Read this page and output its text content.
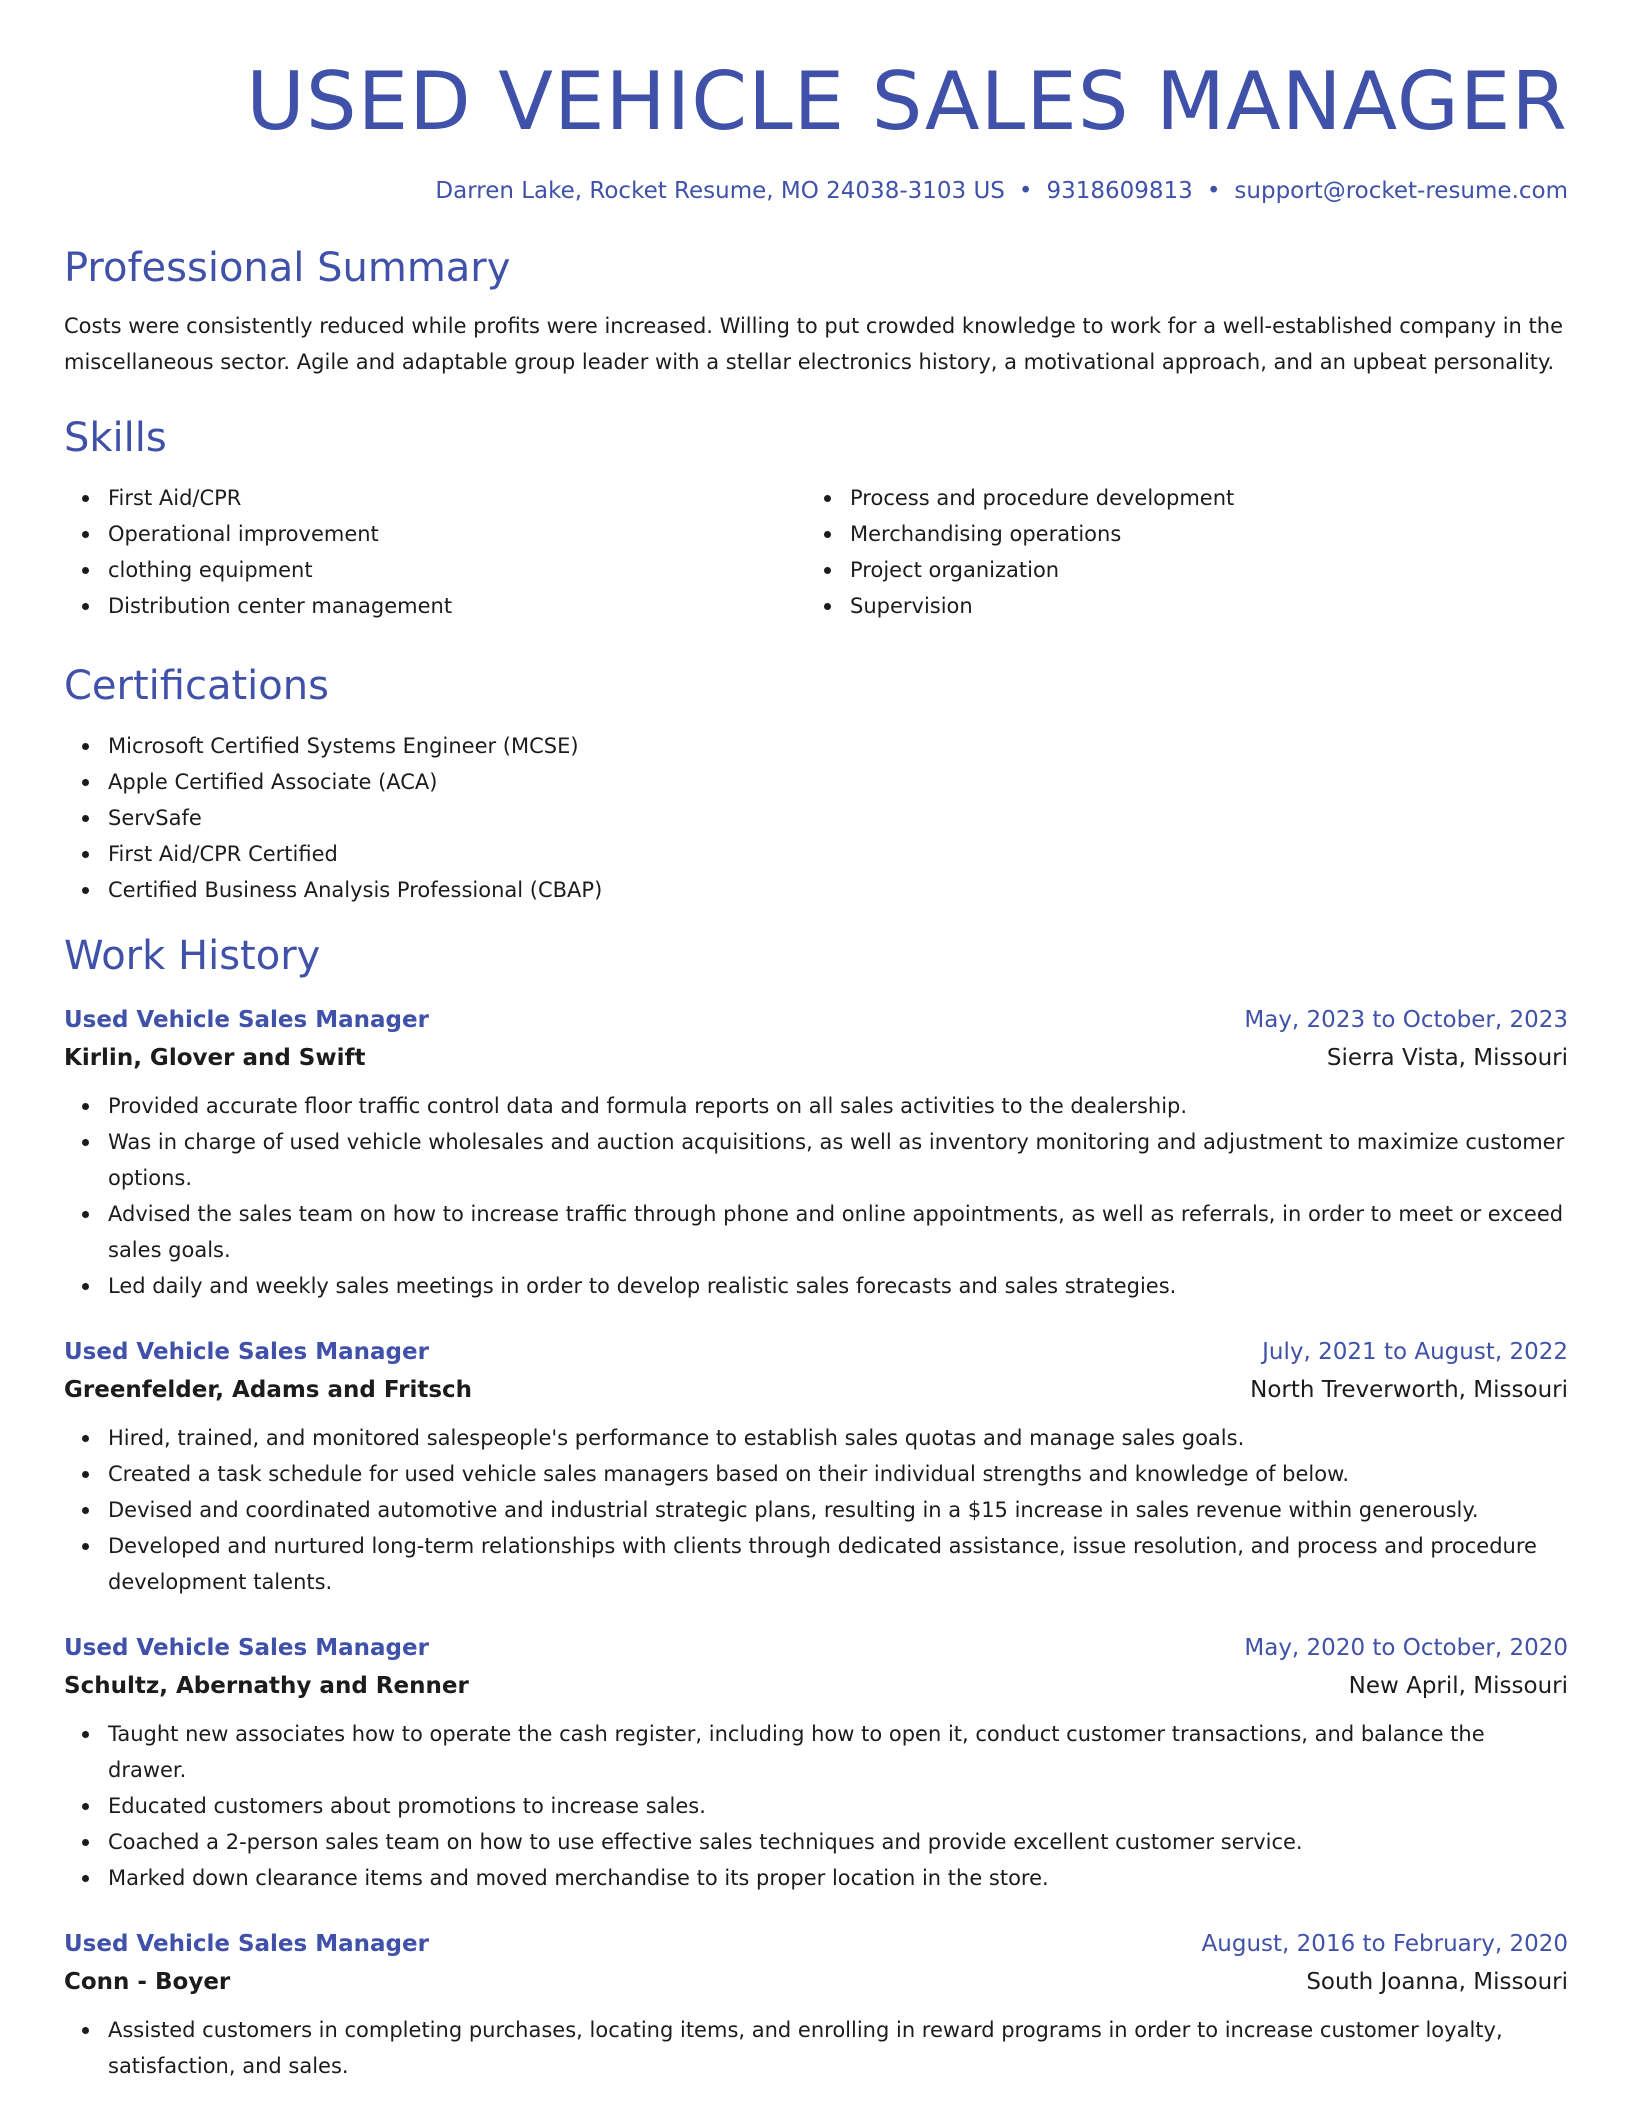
USED VEHICLE SALES MANAGER
Darren Lake, Rocket Resume, MO 24038-3103 US • 9318609813 • support@rocket-resume.com
Professional Summary
Costs were consistently reduced while profits were increased. Willing to put crowded knowledge to work for a well-established company in the miscellaneous sector. Agile and adaptable group leader with a stellar electronics history, a motivational approach, and an upbeat personality.
Skills
First Aid/CPR
Operational improvement
clothing equipment
Distribution center management
Process and procedure development
Merchandising operations
Project organization
Supervision
Certifications
Microsoft Certified Systems Engineer (MCSE)
Apple Certified Associate (ACA)
ServSafe
First Aid/CPR Certified
Certified Business Analysis Professional (CBAP)
Work History
Used Vehicle Sales Manager	May, 2023 to October, 2023
Kirlin, Glover and Swift	Sierra Vista, Missouri
Provided accurate floor traffic control data and formula reports on all sales activities to the dealership.
Was in charge of used vehicle wholesales and auction acquisitions, as well as inventory monitoring and adjustment to maximize customer options.
Advised the sales team on how to increase traffic through phone and online appointments, as well as referrals, in order to meet or exceed sales goals.
Led daily and weekly sales meetings in order to develop realistic sales forecasts and sales strategies.
Used Vehicle Sales Manager	July, 2021 to August, 2022
Greenfelder, Adams and Fritsch	North Treverworth, Missouri
Hired, trained, and monitored salespeople's performance to establish sales quotas and manage sales goals.
Created a task schedule for used vehicle sales managers based on their individual strengths and knowledge of below.
Devised and coordinated automotive and industrial strategic plans, resulting in a $15 increase in sales revenue within generously.
Developed and nurtured long-term relationships with clients through dedicated assistance, issue resolution, and process and procedure development talents.
Used Vehicle Sales Manager	May, 2020 to October, 2020
Schultz, Abernathy and Renner	New April, Missouri
Taught new associates how to operate the cash register, including how to open it, conduct customer transactions, and balance the drawer.
Educated customers about promotions to increase sales.
Coached a 2-person sales team on how to use effective sales techniques and provide excellent customer service.
Marked down clearance items and moved merchandise to its proper location in the store.
Used Vehicle Sales Manager	August, 2016 to February, 2020
Conn - Boyer	South Joanna, Missouri
Assisted customers in completing purchases, locating items, and enrolling in reward programs in order to increase customer loyalty, satisfaction, and sales.
